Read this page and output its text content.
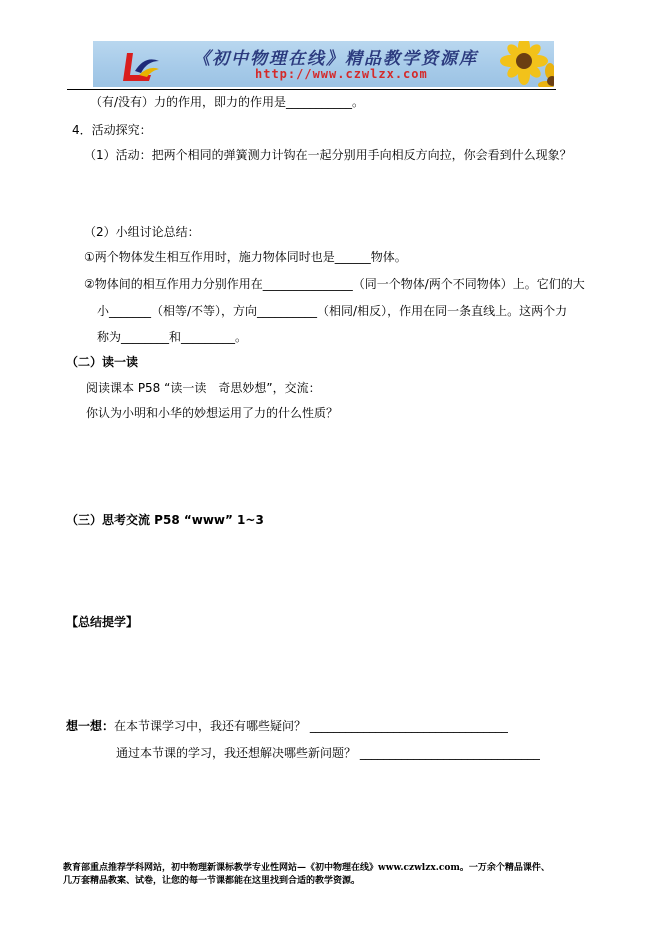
《初中物理在线》精品教学资源库
http://www.czwlzx.com
（有/没有）力的作用，即力的作用是___________。
4．活动探究：
（1）活动：把两个相同的弹簧测力计钩在一起分别用手向相反方向拉，你会看到什么现象？
（2）小组讨论总结：
①两个物体发生相互作用时，施力物体同时也是______物体。
②物体间的相互作用力分别作用在_______________（同一个物体/两个不同物体）上。它们的大
小_______（相等/不等），方向__________（相同/相反），作用在同一条直线上。这两个力
称为________和_________。
（二）读一读
阅读课本 P58 “读一读　奇思妙想”，交流：
你认为小明和小华的妙想运用了力的什么性质？
（三）思考交流 P58 “www” 1~3
【总结提学】
想一想：在本节课学习中，我还有哪些疑问？ _________________________________
通过本节课的学习，我还想解决哪些新问题？ ______________________________
教育部重点推荐学科网站，初中物理新课标教学专业性网站—《初中物理在线》www.czwlzx.com。一万余个精品课件、
几万套精品教案、试卷，让您的每一节课都能在这里找到合适的教学资源。
